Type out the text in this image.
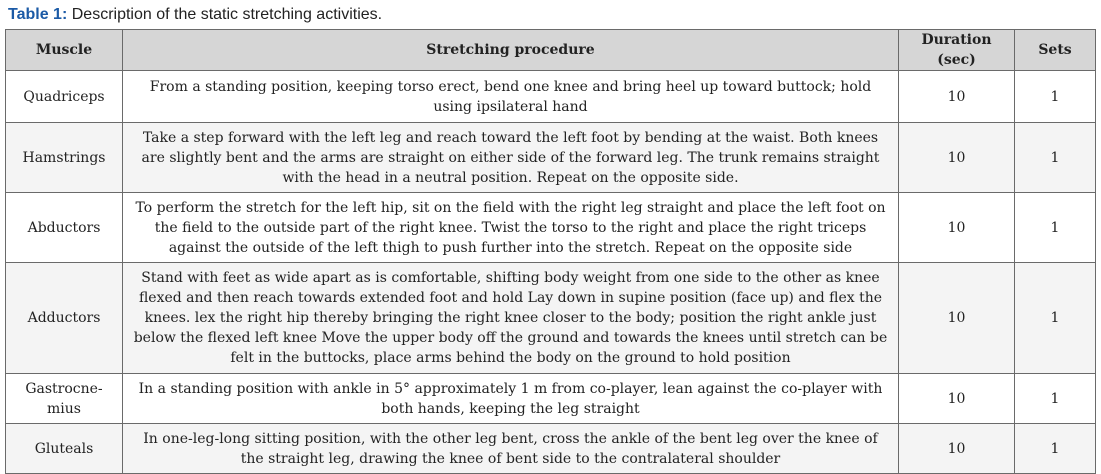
Table 1: Description of the static stretching activities.
Muscle	Stretching procedure	Duration (sec)	Sets
Quadriceps	From a standing position, keeping torso erect, bend one knee and bring heel up toward buttock; hold using ipsilateral hand	10	1
Hamstrings	Take a step forward with the left leg and reach toward the left foot by bending at the waist. Both knees are slightly bent and the arms are straight on either side of the forward leg. The trunk remains straight with the head in a neutral position. Repeat on the opposite side.	10	1
Abductors	To perform the stretch for the left hip, sit on the field with the right leg straight and place the left foot on the field to the outside part of the right knee. Twist the torso to the right and place the right triceps against the outside of the left thigh to push further into the stretch. Repeat on the opposite side	10	1
Adductors	Stand with feet as wide apart as is comfortable, shifting body weight from one side to the other as knee flexed and then reach towards extended foot and hold Lay down in supine position (face up) and flex the knees. lex the right hip thereby bringing the right knee closer to the body; position the right ankle just below the flexed left knee Move the upper body off the ground and towards the knees until stretch can be felt in the buttocks, place arms behind the body on the ground to hold position	10	1
Gastrocne-mius	In a standing position with ankle in 5° approximately 1 m from co-player, lean against the co-player with both hands, keeping the leg straight	10	1
Gluteals	In one-leg-long sitting position, with the other leg bent, cross the ankle of the bent leg over the knee of the straight leg, drawing the knee of bent side to the contralateral shoulder	10	1
